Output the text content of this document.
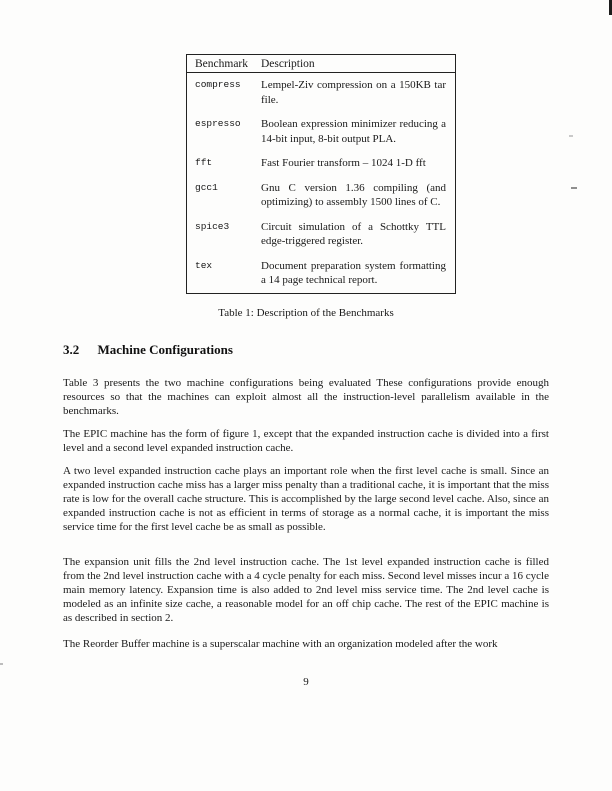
Benchmark	Description
compress	Lempel-Ziv compression on a 150KB tar file.
espresso	Boolean expression minimizer reducing a 14-bit input, 8-bit output PLA.
fft	Fast Fourier transform – 1024 1-D fft
gcc1	Gnu C version 1.36 compiling (and optimizing) to assembly 1500 lines of C.
spice3	Circuit simulation of a Schottky TTL edge-triggered register.
tex	Document preparation system formatting a 14 page technical report.
Table 1: Description of the Benchmarks
3.2 Machine Configurations

Table 3 presents the two machine configurations being evaluated These configurations provide enough resources so that the machines can exploit almost all the instruction-level parallelism available in the benchmarks.

The EPIC machine has the form of figure 1, except that the expanded instruction cache is divided into a first level and a second level expanded instruction cache.

A two level expanded instruction cache plays an important role when the first level cache is small. Since an expanded instruction cache miss has a larger miss penalty than a traditional cache, it is important that the miss rate is low for the overall cache structure. This is accomplished by the large second level cache. Also, since an expanded instruction cache is not as efficient in terms of storage as a normal cache, it is important the miss service time for the first level cache be as small as possible.

The expansion unit fills the 2nd level instruction cache. The 1st level expanded instruction cache is filled from the 2nd level instruction cache with a 4 cycle penalty for each miss. Second level misses incur a 16 cycle main memory latency. Expansion time is also added to 2nd level miss service time. The 2nd level cache is modeled as an infinite size cache, a reasonable model for an off chip cache. The rest of the EPIC machine is as described in section 2.

The Reorder Buffer machine is a superscalar machine with an organization modeled after the work

9
